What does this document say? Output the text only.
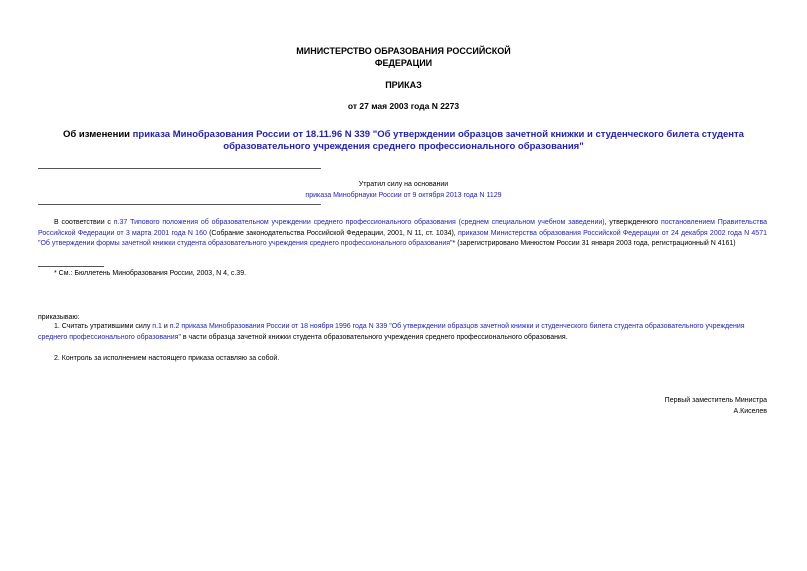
МИНИСТЕРСТВО ОБРАЗОВАНИЯ РОССИЙСКОЙ
ФЕДЕРАЦИИ
ПРИКАЗ
от 27 мая 2003 года N 2273
Об изменении приказа Минобразования России от 18.11.96 N 339 "Об утверждении образцов зачетной книжки и студенческого билета студента образовательного учреждения среднего профессионального образования"
Утратил силу на основании
приказа Минобрнауки России от 9 октября 2013 года N 1129
В соответствии с п.37 Типового положения об образовательном учреждении среднего профессионального образования (среднем специальном учебном заведении), утвержденного постановлением Правительства Российской Федерации от 3 марта 2001 года N 160 (Собрание законодательства Российской Федерации, 2001, N 11, ст. 1034), приказом Министерства образования Российской Федерации от 24 декабря 2002 года N 4571 "Об утверждении формы зачетной книжки студента образовательного учреждения среднего профессионального образования"* (зарегистрировано Минюстом России 31 января 2003 года, регистрационный N 4161)
* См.: Бюллетень Минобразования России, 2003, N 4, с.39.
приказываю:
1. Считать утратившими силу п.1 и п.2 приказа Минобразования России от 18 ноября 1996 года N 339 "Об утверждении образцов зачетной книжки и студенческого билета студента образовательного учреждения среднего профессионального образования" в части образца зачетной книжки студента образовательного учреждения среднего профессионального образования.
2. Контроль за исполнением настоящего приказа оставляю за собой.
Первый заместитель Министра
А.Киселев
